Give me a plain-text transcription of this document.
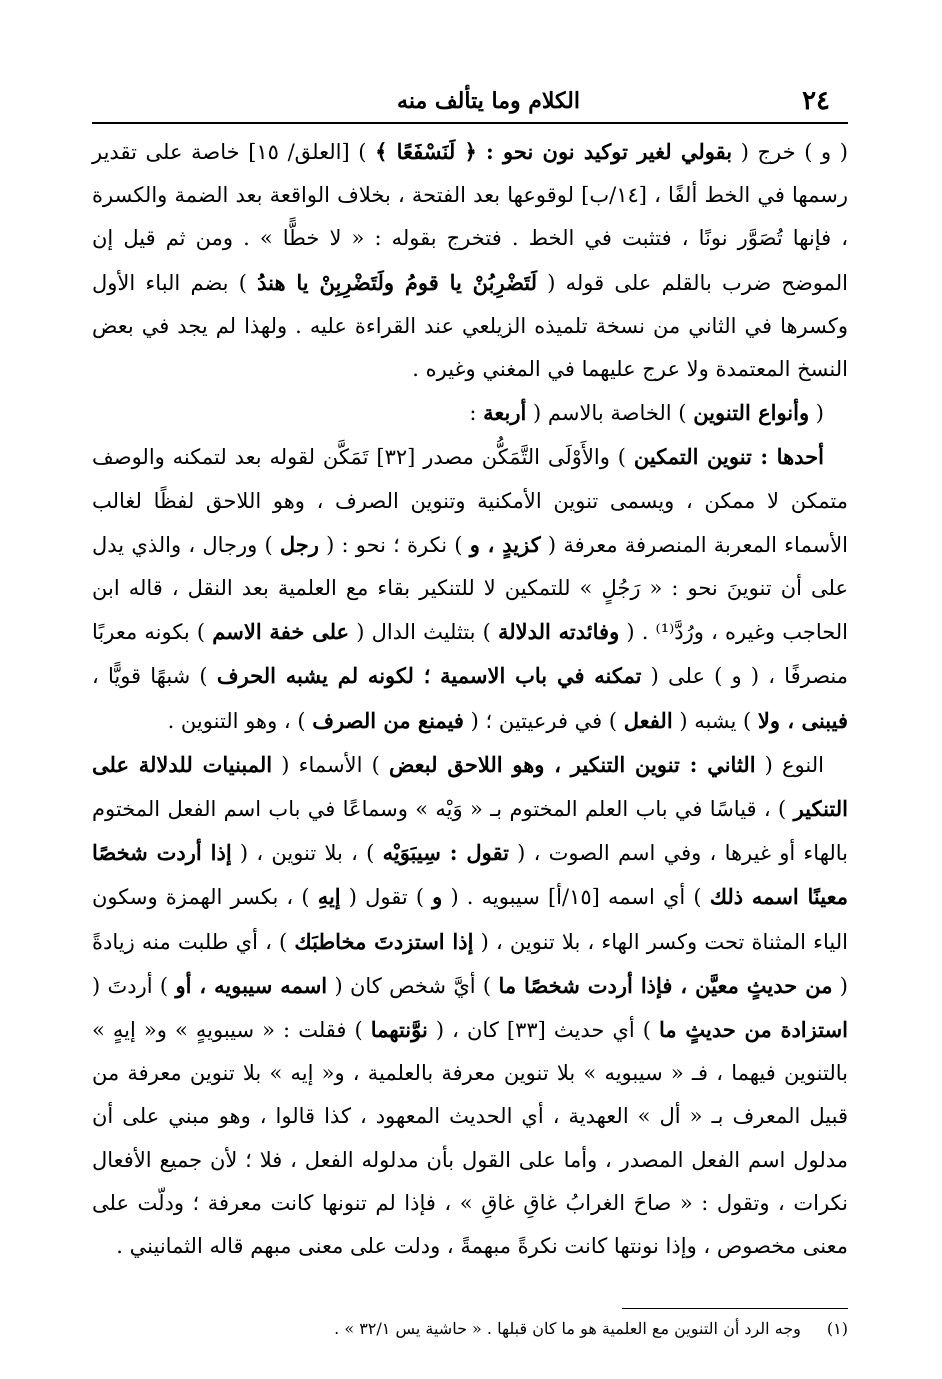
٢٤
الكلام وما يتألف منه

( و ) خرج ( بقولي لغير توكيد نون نحو : ﴿ لَنَسْفَعًا ﴾ ) [العلق/ ١٥] خاصة على تقدير رسمها في الخط ألفًا ، [١٤/ب] لوقوعها بعد الفتحة ، بخلاف الواقعة بعد الضمة والكسرة ، فإنها تُصَوَّر نونًا ، فتثبت في الخط . فتخرج بقوله : « لا خطًّا » . ومن ثم قيل إن الموضح ضرب بالقلم على قوله ( لَتَضْرِبُنْ يا قومُ ولَتَضْرِبِنْ يا هندُ ) بضم الباء الأول وكسرها في الثاني من نسخة تلميذه الزيلعي عند القراءة عليه . ولهذا لم يجد في بعض النسخ المعتمدة ولا عرج عليهما في المغني وغيره .

( وأنواع التنوين ) الخاصة بالاسم ( أربعة :

أحدها : تنوين التمكين ) والأَوْلَى التَّمَكُّن مصدر [٣٢] تَمَكَّن لقوله بعد لتمكنه والوصف متمكن لا ممكن ، ويسمى تنوين الأمكنية وتنوين الصرف ، وهو اللاحق لفظًا لغالب الأسماء المعربة المنصرفة معرفة ( كزيدٍ ، و ) نكرة ؛ نحو : ( رجل ) ورجال ، والذي يدل على أن تنوينَ نحو : « رَجُلٍ » للتمكين لا للتنكير بقاء مع العلمية بعد النقل ، قاله ابن الحاجب وغيره ، ورُدَّ⁽¹⁾ . ( وفائدته الدلالة ) بتثليث الدال ( على خفة الاسم ) بكونه معربًا منصرفًا ، ( و ) على ( تمكنه في باب الاسمية ؛ لكونه لم يشبه الحرف ) شبهًا قويًّا ، فيبنى ، ولا ) يشبه ( الفعل ) في فرعيتين ؛ ( فيمنع من الصرف ) ، وهو التنوين .

النوع ( الثاني : تنوين التنكير ، وهو اللاحق لبعض ) الأسماء ( المبنيات للدلالة على التنكير ) ، قياسًا في باب العلم المختوم بـ « وَيْه » وسماعًا في باب اسم الفعل المختوم بالهاء أو غيرها ، وفي اسم الصوت ، ( تقول : سِيبَوَيْه ) ، بلا تنوين ، ( إذا أردت شخصًا معينًا اسمه ذلك ) أي اسمه [١٥/أ] سيبويه . ( و ) تقول ( إيهِ ) ، بكسر الهمزة وسكون الياء المثناة تحت وكسر الهاء ، بلا تنوين ، ( إذا استزدتَ مخاطبَك ) ، أي طلبت منه زيادةً ( من حديثٍ معيَّن ، فإذا أردت شخصًا ما ) أيَّ شخص كان ( اسمه سيبويه ، أو ) أردتَ ( استزادة من حديثٍ ما ) أي حديث [٣٣] كان ، ( نوَّنتهما ) فقلت : « سيبويهٍ » و« إيهٍ » بالتنوين فيهما ، فـ « سيبويه » بلا تنوين معرفة بالعلمية ، و« إيه » بلا تنوين معرفة من قبيل المعرف بـ « أل » العهدية ، أي الحديث المعهود ، كذا قالوا ، وهو مبني على أن مدلول اسم الفعل المصدر ، وأما على القول بأن مدلوله الفعل ، فلا ؛ لأن جميع الأفعال نكرات ، وتقول : « صاحَ الغرابُ غاقِ غاقِ » ، فإذا لم تنونها كانت معرفة ؛ ودلّت على معنى مخصوص ، وإذا نونتها كانت نكرةً مبهمةً ، ودلت على معنى مبهم قاله الثمانيني .

(١)وجه الرد أن التنوين مع العلمية هو ما كان قبلها . « حاشية يس ٣٢/١ » .
